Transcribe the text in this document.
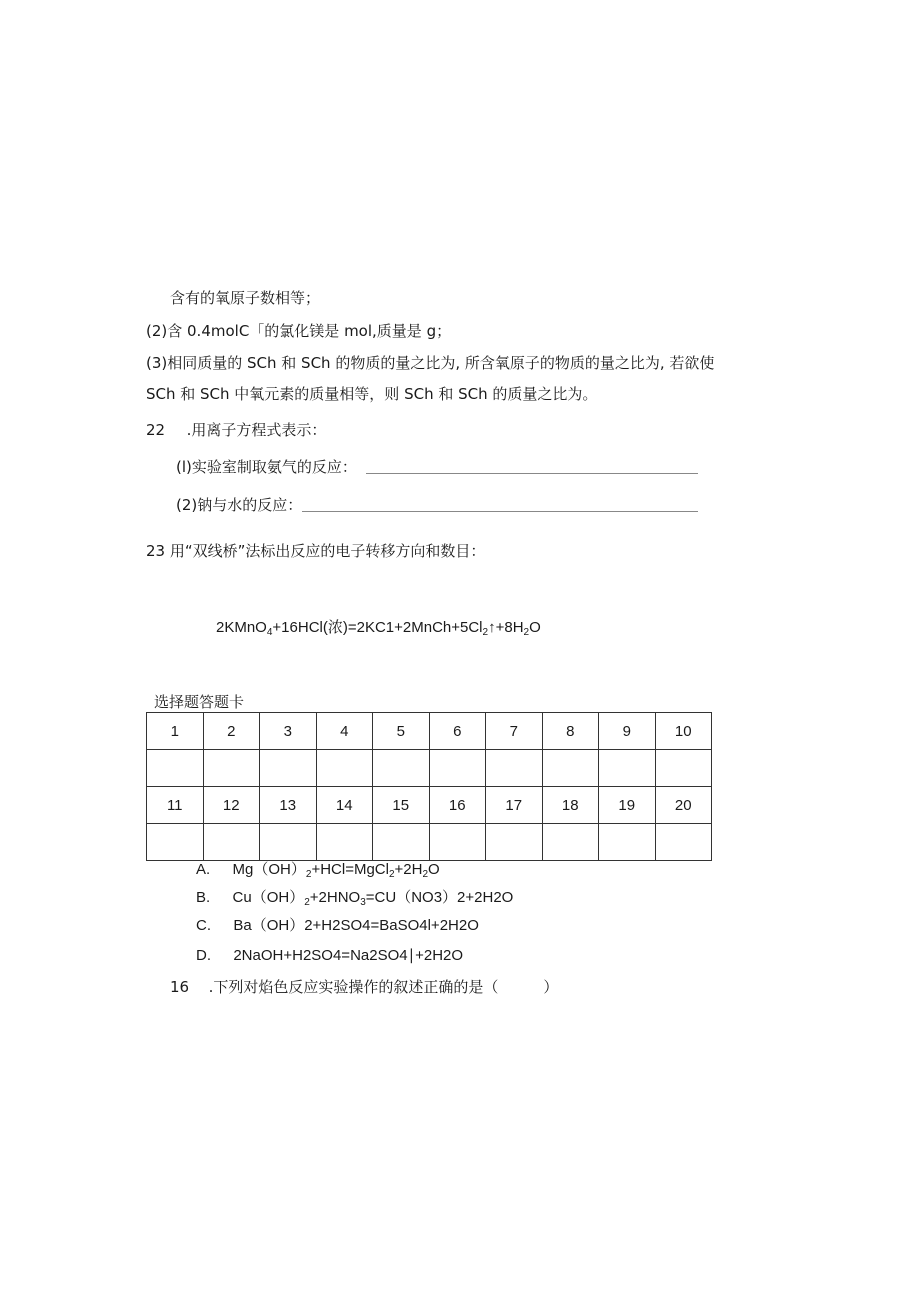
含有的氧原子数相等；
(2)含 0.4molC「的氯化镁是 mol,质量是 g；
(3)相同质量的 SCh 和 SCh 的物质的量之比为, 所含氧原子的物质的量之比为, 若欲使
SCh 和 SCh 中氧元素的质量相等，则 SCh 和 SCh 的质量之比为。
22 .用离子方程式表示：
(l)实验室制取氨气的反应：
(2)钠与水的反应：
23 用“双线桥”法标出反应的电子转移方向和数目：
2KMnO$_4$+16HCl(浓)$=2KC1+2MnCh+5Cl_2↑+8H_2O$
选择题答题卡
1	2	3	4	5	6	7	8	9	10

11	12	13	14	15	16	17	18	19	20

A. $Mg(OH)_2+HCl=MgCl_2+2H_2O$
B. $Cu(OH)_2+2HNO_3=CU(NO3)2+2H2O$
C. Ba（OH）2+H2SO4=BaSO4l+2H2O
D. 2NaOH+H2SO4=Na2SO4∣+2H2O
16 .下列对焰色反应实验操作的叙述正确的是（　　　）
